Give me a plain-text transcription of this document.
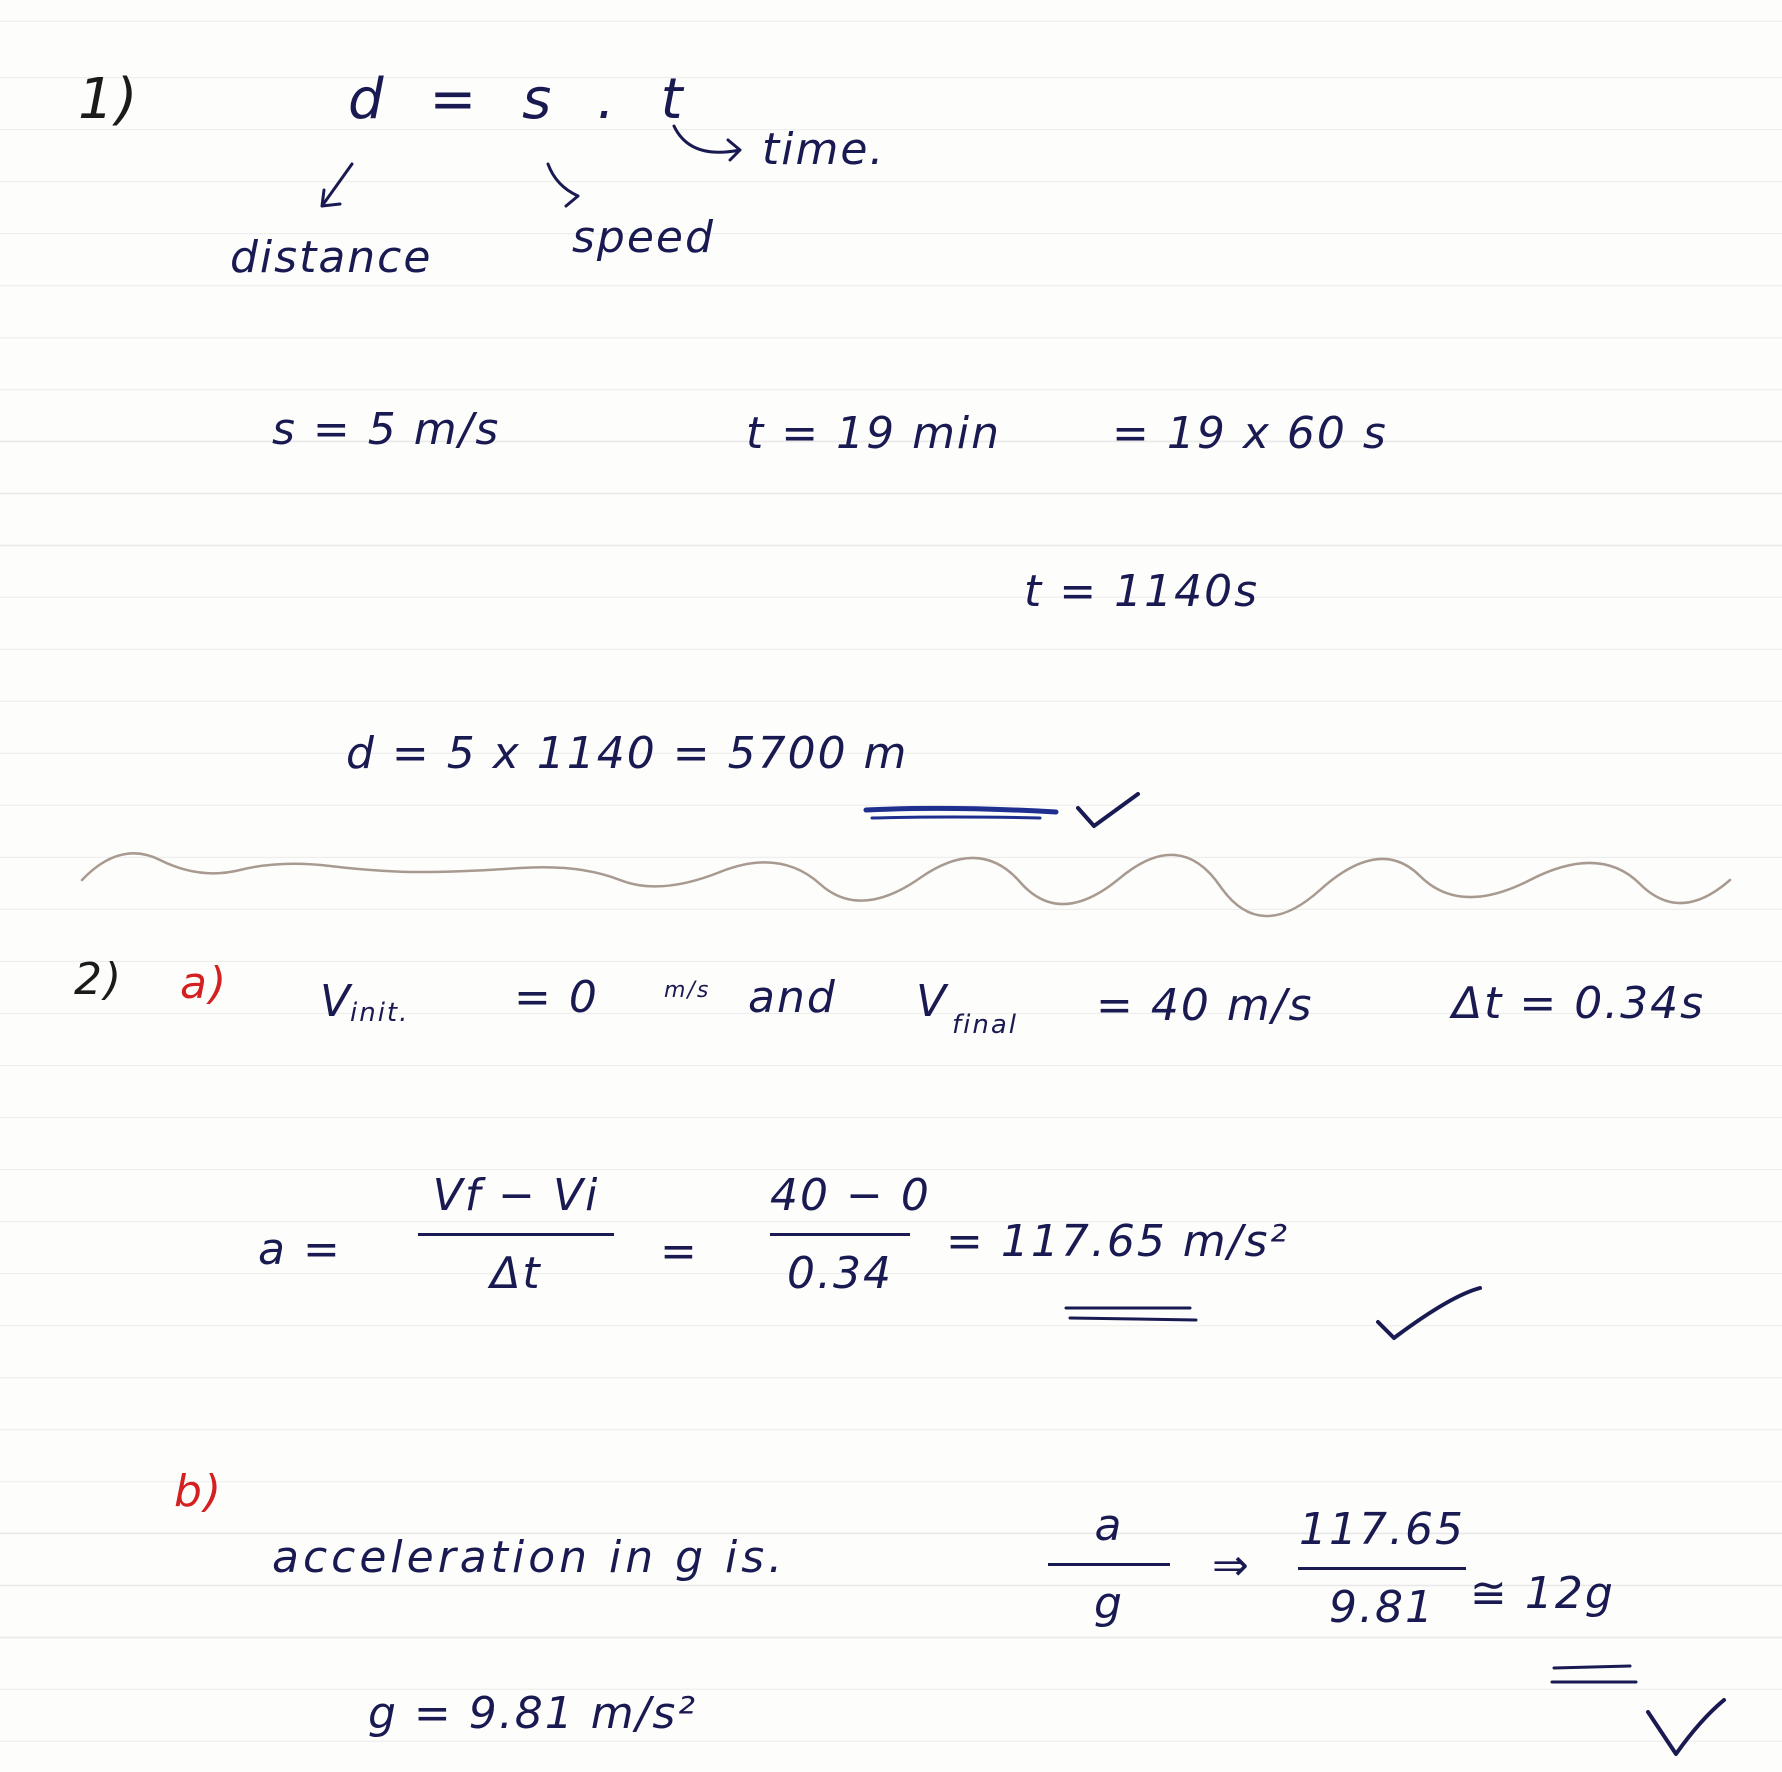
1)	d = s . t
time.
distance	speed
s = 5 m/s	t = 19 min	= 19 x 60 s
t = 1140s
d = 5 x 1140 = 5700 m
2) a) V
init. = 0	m/s and V final = 40 m/s	Δt = 0.34s
a =
Vf − Vi
Δt	=
40 − 0
0.34
= 117.65 m/s²
b)
acceleration in g is.
a
g
⇒
117.65
9.81 ≅ 12g
g = 9.81 m/s²
